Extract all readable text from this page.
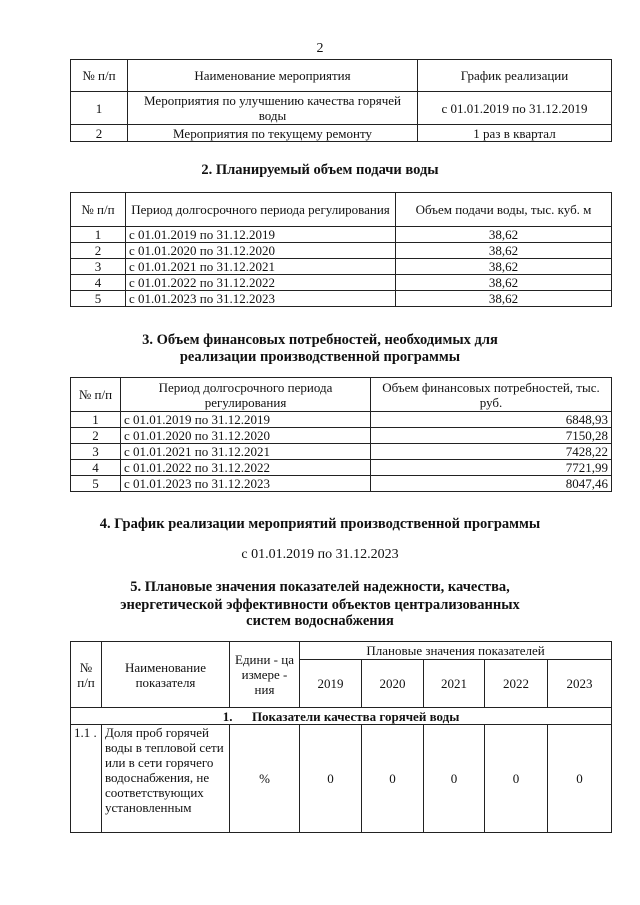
2
№ п/п	Наименование мероприятия	График реализации
1	Мероприятия по улучшению качества горячей воды	с 01.01.2019 по 31.12.2019
2	Мероприятия по текущему ремонту	1 раз в квартал
2. Планируемый объем подачи воды
№ п/п	Период долгосрочного периода регулирования	Объем подачи воды, тыс. куб. м
1	с 01.01.2019 по 31.12.2019	38,62
2	с 01.01.2020 по 31.12.2020	38,62
3	с 01.01.2021 по 31.12.2021	38,62
4	с 01.01.2022 по 31.12.2022	38,62
5	с 01.01.2023 по 31.12.2023	38,62
3. Объем финансовых потребностей, необходимых для
реализации производственной программы
№ п/п	Период долгосрочного периода регулирования	Объем финансовых потребностей, тыс. руб.
1	с 01.01.2019 по 31.12.2019	6848,93
2	с 01.01.2020 по 31.12.2020	7150,28
3	с 01.01.2021 по 31.12.2021	7428,22
4	с 01.01.2022 по 31.12.2022	7721,99
5	с 01.01.2023 по 31.12.2023	8047,46
4. График реализации мероприятий производственной программы
с 01.01.2019 по 31.12.2023
5. Плановые значения показателей надежности, качества,
энергетической эффективности объектов централизованных
систем водоснабжения
№ п/п	Наименование показателя	Едини - ца измере - ния	Плановые значения показателей				
			2019	2020	2021	2022	2023
1.      Показатели качества горячей воды							
1.1 .	Доля проб горячей воды в тепловой сети или в сети горячего водоснабжения, не соответствующих установленным	%	0	0	0	0	0
